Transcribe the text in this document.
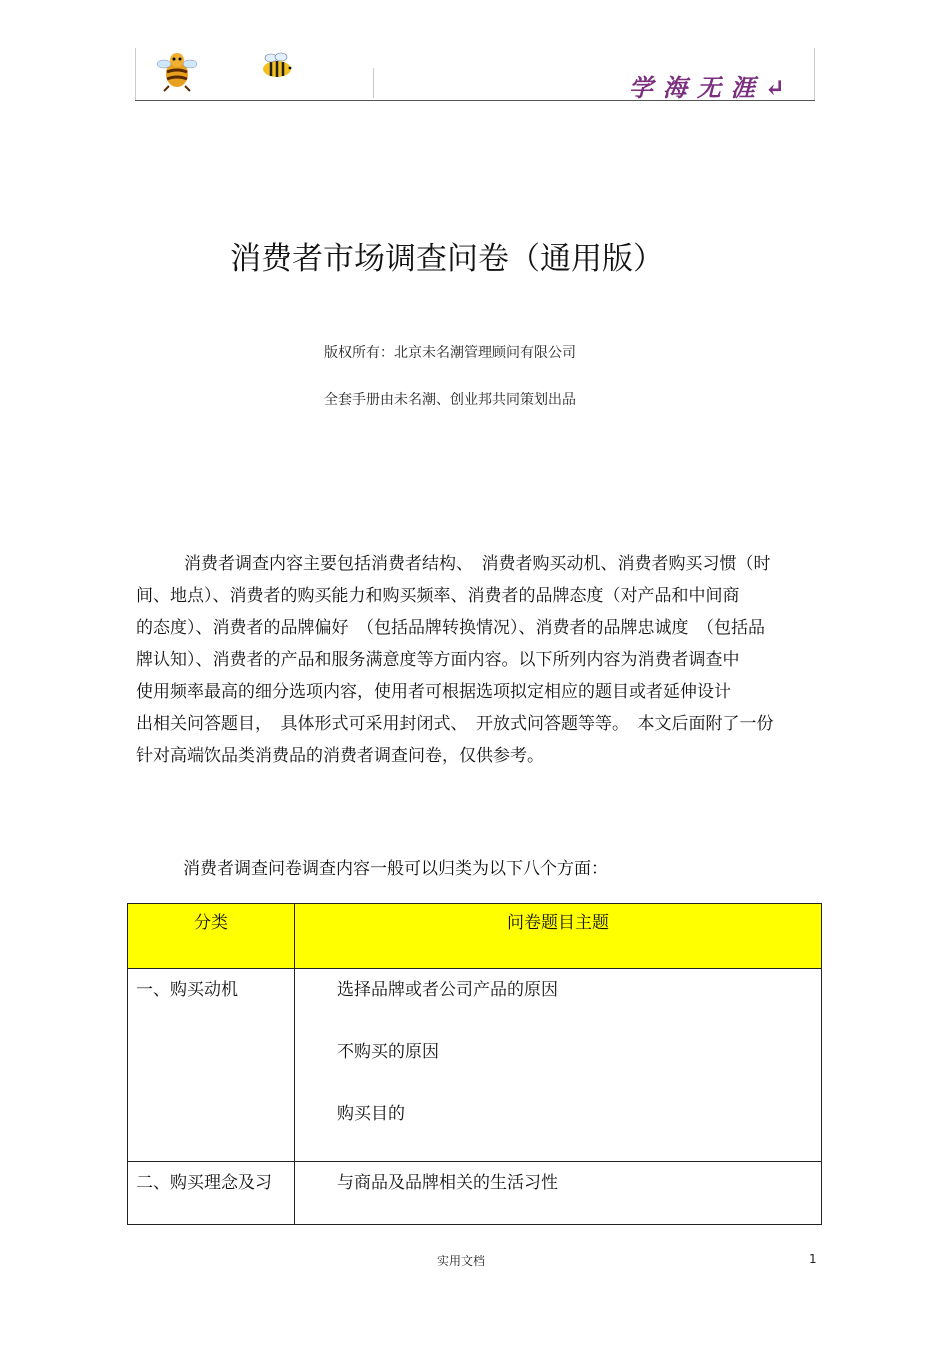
学海无涯↵
消费者市场调查问卷（通用版）
版权所有：北京未名潮管理顾问有限公司
全套手册由未名潮、创业邦共同策划出品
消费者调查内容主要包括消费者结构、　消费者购买动机、消费者购买习惯（时
间、地点）、消费者的购买能力和购买频率、消费者的品牌态度（对产品和中间商
的态度）、消费者的品牌偏好　（包括品牌转换情况）、消费者的品牌忠诚度　（包括品
牌认知）、消费者的产品和服务满意度等方面内容。以下所列内容为消费者调查中
使用频率最高的细分选项内容，使用者可根据选项拟定相应的题目或者延伸设计
出相关问答题目，　具体形式可采用封闭式、　开放式问答题等等。　本文后面附了一份
针对高端饮品类消费品的消费者调查问卷，仅供参考。
消费者调查问卷调查内容一般可以归类为以下八个方面：
分类	问卷题目主题
一、购买动机	选择品牌或者公司产品的原因
不购买的原因
购买目的

二、购买理念及习	与商品及品牌相关的生活习性
实用文档	1
